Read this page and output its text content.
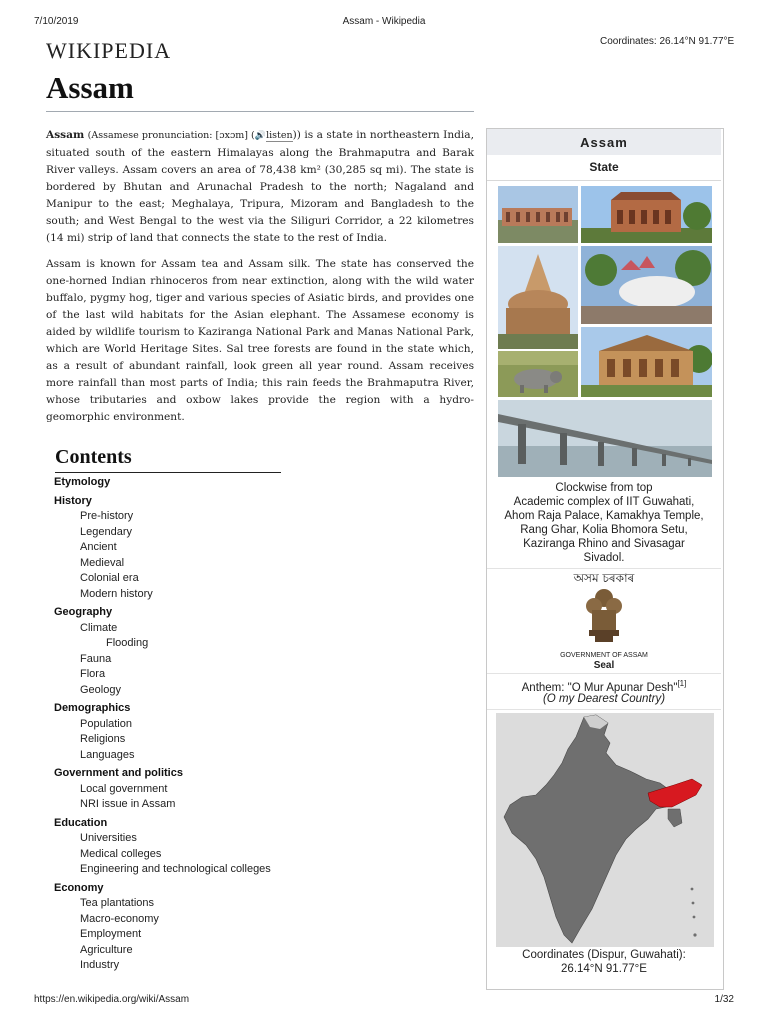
7/10/2019	Assam - Wikipedia
Coordinates: 26.14°N 91.77°E
WIKIPEDIA
Assam

Assam (Assamese pronunciation: [ɔxɔm] (🔊listen)) is a state in northeastern India, situated south of the eastern Himalayas along the Brahmaputra and Barak River valleys. Assam covers an area of 78,438 km² (30,285 sq mi). The state is bordered by Bhutan and Arunachal Pradesh to the north; Nagaland and Manipur to the east; Meghalaya, Tripura, Mizoram and Bangladesh to the south; and West Bengal to the west via the Siliguri Corridor, a 22 kilometres (14 mi) strip of land that connects the state to the rest of India.

Assam is known for Assam tea and Assam silk. The state has conserved the one-horned Indian rhinoceros from near extinction, along with the wild water buffalo, pygmy hog, tiger and various species of Asiatic birds, and provides one of the last wild habitats for the Asian elephant. The Assamese economy is aided by wildlife tourism to Kaziranga National Park and Manas National Park, which are World Heritage Sites. Sal tree forests are found in the state which, as a result of abundant rainfall, look green all year round. Assam receives more rainfall than most parts of India; this rain feeds the Brahmaputra River, whose tributaries and oxbow lakes provide the region with a hydro-geomorphic environment.

Contents
Etymology
History
Pre-history
Legendary
Ancient
Medieval
Colonial era
Modern history
Geography
Climate
Flooding
Fauna
Flora
Geology
Demographics
Population
Religions
Languages
Government and politics
Local government
NRI issue in Assam
Education
Universities
Medical colleges
Engineering and technological colleges
Economy
Tea plantations
Macro-economy
Employment
Agriculture
Industry
Assam
State
Clockwise from top
Academic complex of IIT Guwahati,
Ahom Raja Palace, Kamakhya Temple,
Rang Ghar, Kolia Bhomora Setu,
Kaziranga Rhino and Sivasagar
Sivadol.
অসম চৰকাৰ
GOVERNMENT OF ASSAM
Seal
Anthem: "O Mur Apunar Desh"[1]
(O my Dearest Country)
Coordinates (Dispur, Guwahati):
26.14°N 91.77°E
https://en.wikipedia.org/wiki/Assam	1/32
